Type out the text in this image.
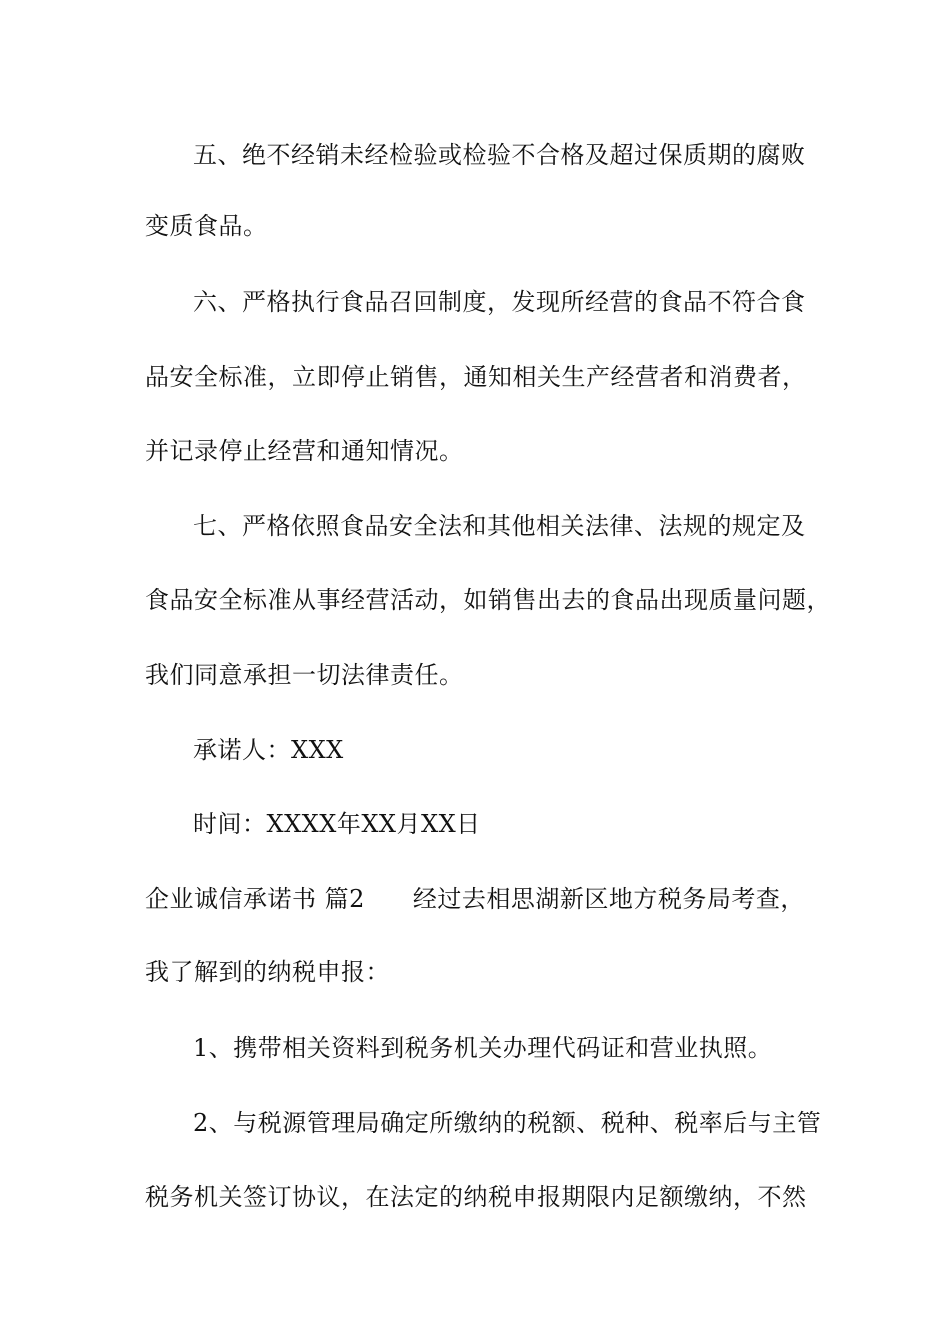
五、绝不经销未经检验或检验不合格及超过保质期的腐败
变质食品。
六、严格执行食品召回制度，发现所经营的食品不符合食
品安全标准，立即停止销售，通知相关生产经营者和消费者，
并记录停止经营和通知情况。
七、严格依照食品安全法和其他相关法律、法规的规定及
食品安全标准从事经营活动，如销售出去的食品出现质量问题，
我们同意承担一切法律责任。
承诺人：XXX
时间：XXXX年XX月XX日
企业诚信承诺书 篇2 经过去相思湖新区地方税务局考查，
我了解到的纳税申报：
1、携带相关资料到税务机关办理代码证和营业执照。
2、与税源管理局确定所缴纳的税额、税种、税率后与主管
税务机关签订协议，在法定的纳税申报期限内足额缴纳，不然
